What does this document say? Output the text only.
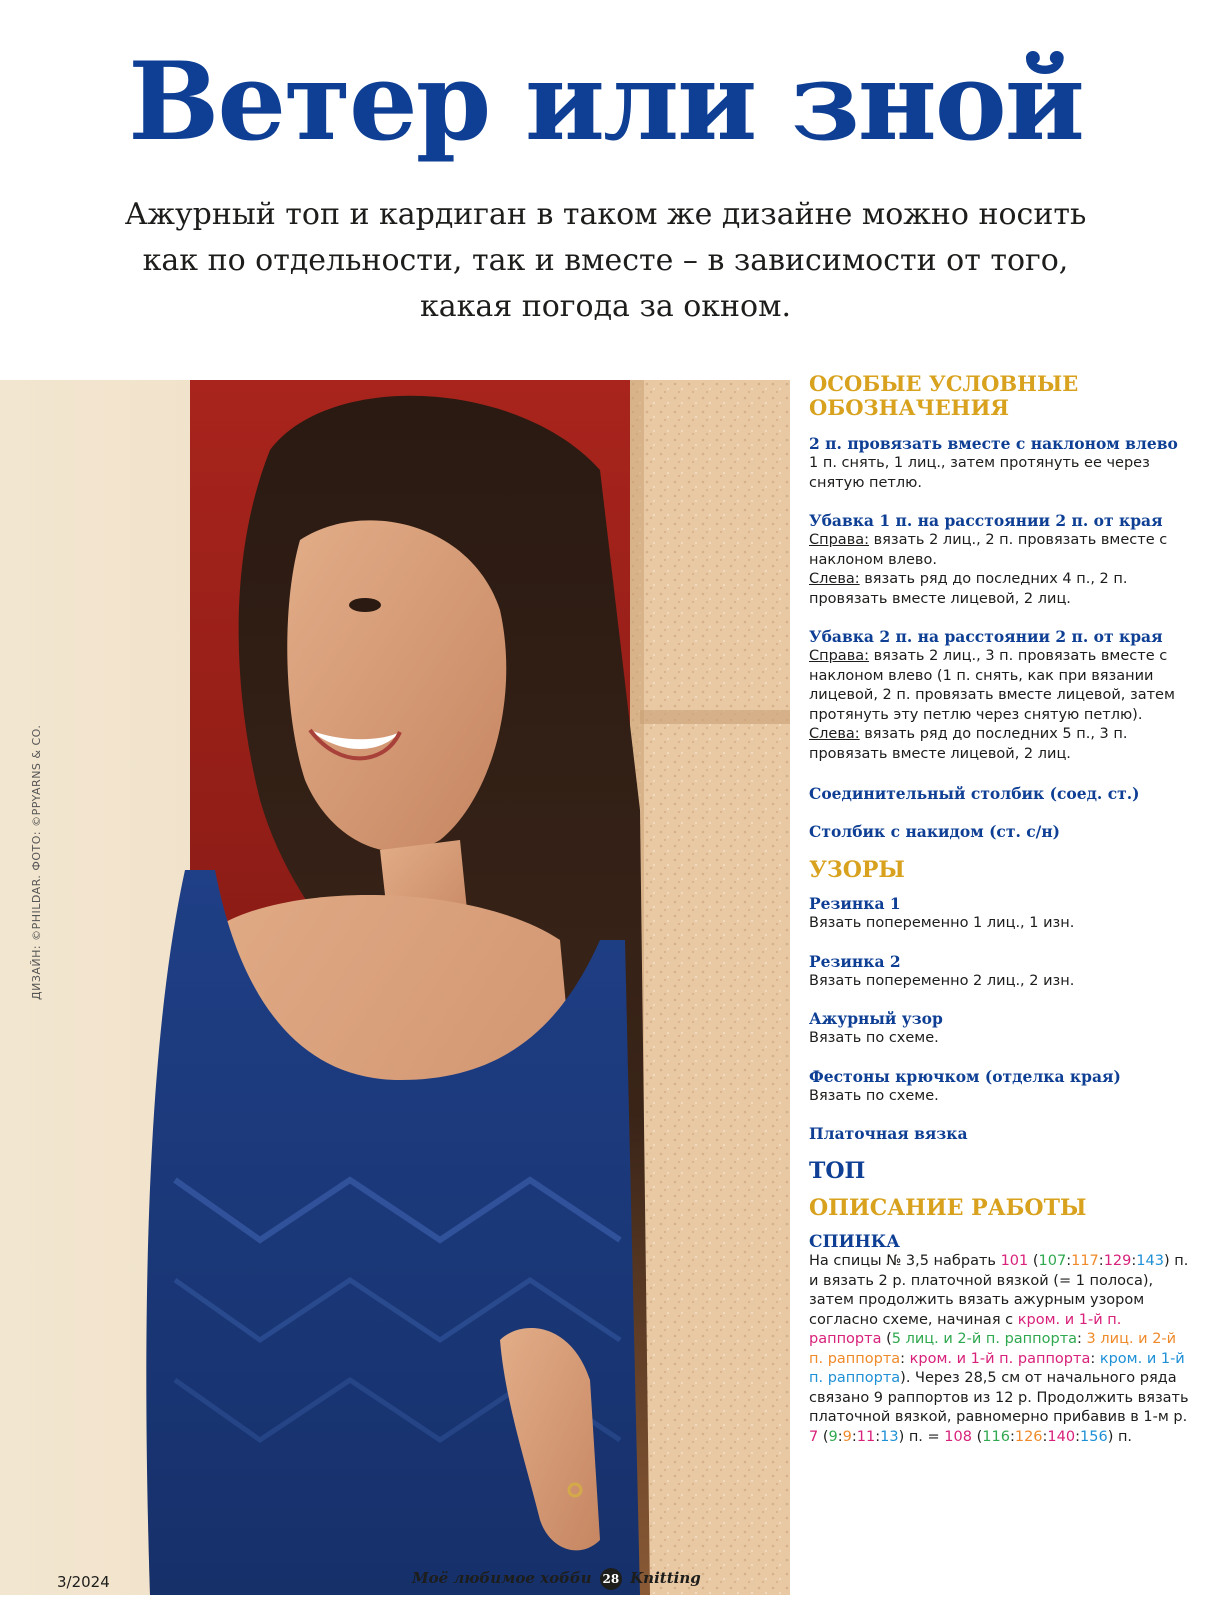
Ветер или зной
Ажурный топ и кардиган в таком же дизайне можно носить
как по отдельности, так и вместе – в зависимости от того,
какая погода за окном.
ДИЗАЙН: ©PHILDAR. ФОТО: ©PPYARNS & CO.
ОСОБЫЕ УСЛОВНЫЕ
ОБОЗНАЧЕНИЯ
2 п. провязать вместе с наклоном влево
1 п. снять, 1 лиц., затем протянуть ее через снятую петлю.
Убавка 1 п. на расстоянии 2 п. от края
Справа: вязать 2 лиц., 2 п. провязать вместе с наклоном влево.
Слева: вязать ряд до последних 4 п., 2 п. провязать вместе лицевой, 2 лиц.
Убавка 2 п. на расстоянии 2 п. от края
Справа: вязать 2 лиц., 3 п. провязать вместе с наклоном влево (1 п. снять, как при вязании лицевой, 2 п. провязать вместе лицевой, затем протянуть эту петлю через снятую петлю).
Слева: вязать ряд до последних 5 п., 3 п. провязать вместе лицевой, 2 лиц.
Соединительный столбик (соед. ст.)
Столбик с накидом (ст. с/н)
УЗОРЫ
Резинка 1
Вязать попеременно 1 лиц., 1 изн.
Резинка 2
Вязать попеременно 2 лиц., 2 изн.
Ажурный узор
Вязать по схеме.
Фестоны крючком (отделка края)
Вязать по схеме.
Платочная вязка
ТОП
ОПИСАНИЕ РАБОТЫ
СПИНКА
На спицы № 3,5 набрать 101 (107:117:129:143) п. и вязать 2 р. платочной вязкой (= 1 полоса), затем продолжить вязать ажурным узором согласно схеме, начиная с кром. и 1-й п. раппорта (5 лиц. и 2-й п. раппорта: 3 лиц. и 2-й п. раппорта: кром. и 1-й п. раппорта: кром. и 1-й п. раппорта). Через 28,5 см от начального ряда связано 9 раппортов из 12 р. Продолжить вязать платочной вязкой, равномерно прибавив в 1-м р. 7 (9:9:11:13) п. = 108 (116:126:140:156) п.
3/2024	Моё любимое хобби 28 Knitting
